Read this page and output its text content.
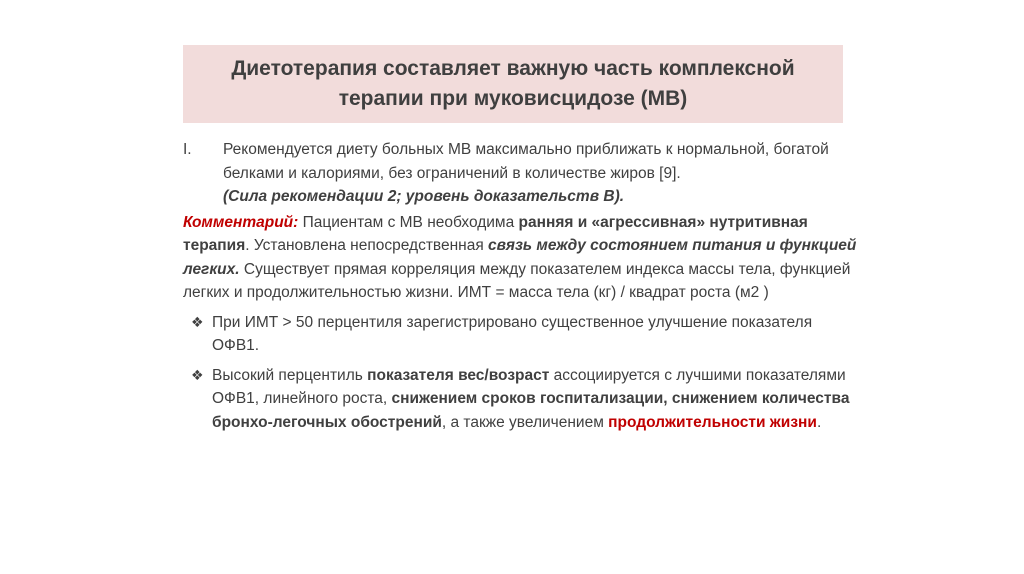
Диетотерапия составляет важную часть комплексной
терапии при муковисцидозе (МВ)
I. Рекомендуется диету больных МВ максимально приближать к нормальной, богатой белками и калориями, без ограничений в количестве жиров [9].
(Сила рекомендации 2; уровень доказательств В).
Комментарий: Пациентам с МВ необходима ранняя и «агрессивная» нутритивная терапия. Установлена непосредственная связь между состоянием питания и функцией легких. Существует прямая корреляция между показателем индекса массы тела, функцией легких и продолжительностью жизни. ИМТ = масса тела (кг) / квадрат роста (м2 )
❖ При ИМТ > 50 перцентиля зарегистрировано существенное улучшение показателя ОФВ1.
❖ Высокий перцентиль показателя вес/возраст ассоциируется с лучшими показателями ОФВ1, линейного роста, снижением сроков госпитализации, снижением количества бронхо-легочных обострений, а также увеличением продолжительности жизни.
